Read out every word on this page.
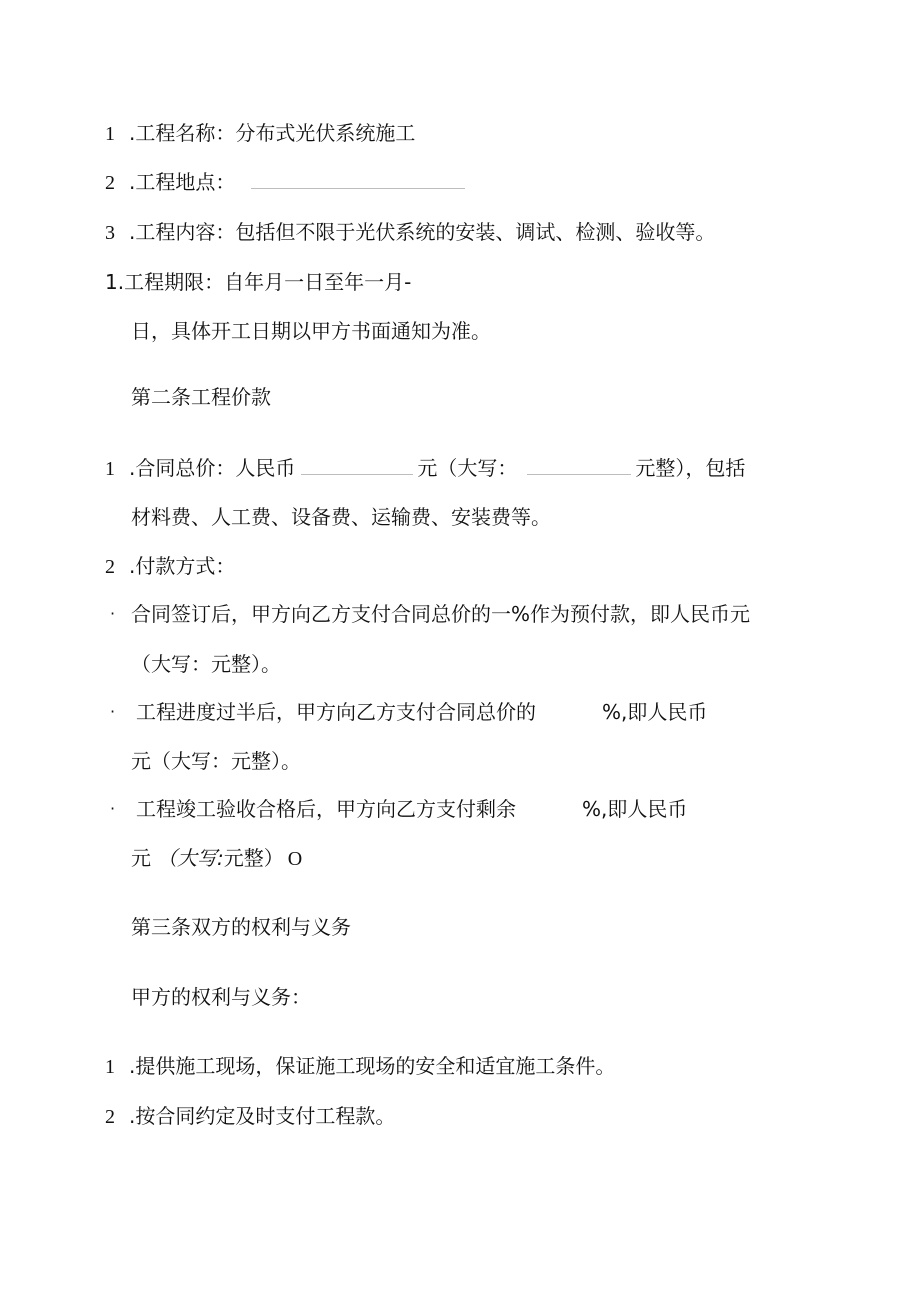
1 .工程名称：分布式光伏系统施工
2 .工程地点：
3 .工程内容：包括但不限于光伏系统的安装、调试、检测、验收等。
1.工程期限：自年月一日至年一月-
日，具体开工日期以甲方书面通知为准。
第二条工程价款
1 .合同总价：人民币	元（大写：	元整），包括
材料费、人工费、设备费、运输费、安装费等。
2 .付款方式：
· 合同签订后，甲方向乙方支付合同总价的一%作为预付款，即人民币元
（大写：元整）。
· 工程进度过半后，甲方向乙方支付合同总价的	%,即人民币
元（大写：元整）。
· 工程竣工验收合格后，甲方向乙方支付剩余	%,即人民币
元 （大写:元整） O
第三条双方的权利与义务
甲方的权利与义务：
1 .提供施工现场，保证施工现场的安全和适宜施工条件。
2 .按合同约定及时支付工程款。
